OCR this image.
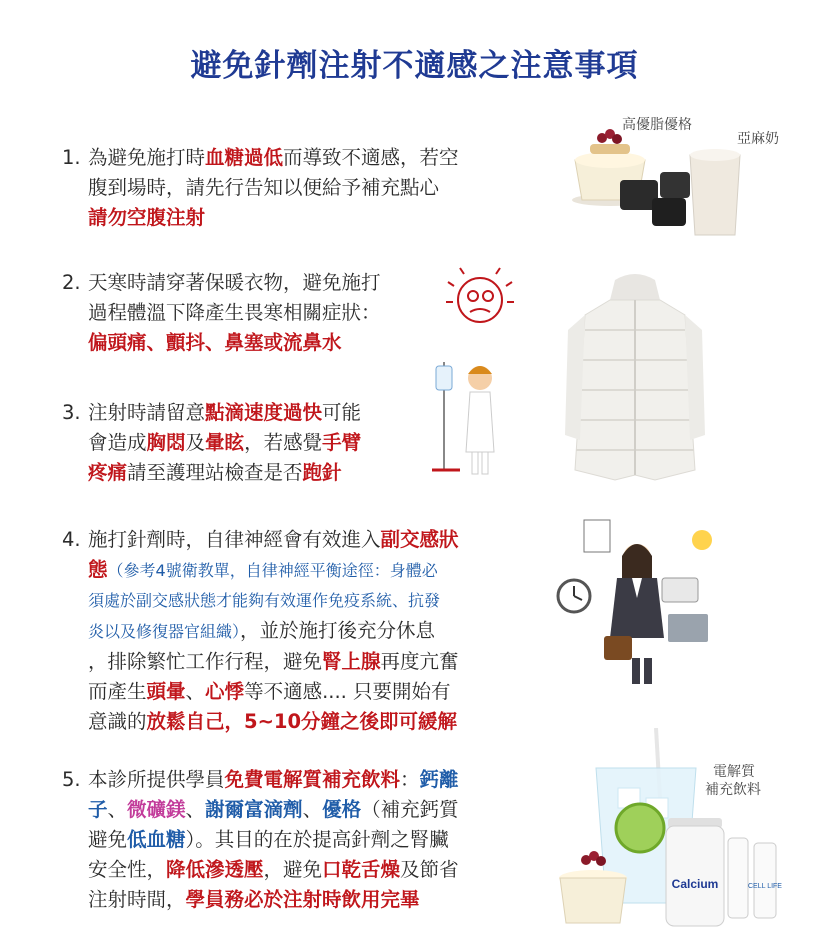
避免針劑注射不適感之注意事項
1. 為避免施打時血糖過低而導致不適感，若空
腹到場時，請先行告知以便給予補充點心
請勿空腹注射
2. 天寒時請穿著保暖衣物，避免施打
過程體溫下降產生畏寒相關症狀：
偏頭痛、顫抖、鼻塞或流鼻水
3. 注射時請留意點滴速度過快可能
會造成胸悶及暈眩，若感覺手臂
疼痛請至護理站檢查是否跑針
4. 施打針劑時，自律神經會有效進入副交感狀
態（參考4號衛教單，自律神經平衡途徑：身體必
須處於副交感狀態才能夠有效運作免疫系統、抗發
炎以及修復器官組織），並於施打後充分休息
，排除繁忙工作行程，避免腎上腺再度亢奮
而產生頭暈、心悸等不適感.... 只要開始有
意識的放鬆自己，5~10分鐘之後即可緩解
5. 本診所提供學員免費電解質補充飲料：鈣離
子、微礦鎂、謝爾富滴劑、優格（補充鈣質
避免低血糖）。其目的在於提高針劑之腎臟
安全性，降低滲透壓，避免口乾舌燥及節省
注射時間，學員務必於注射時飲用完畢
高優脂優格
亞麻奶
電解質
補充飲料
Calcium	CELL LIFE
